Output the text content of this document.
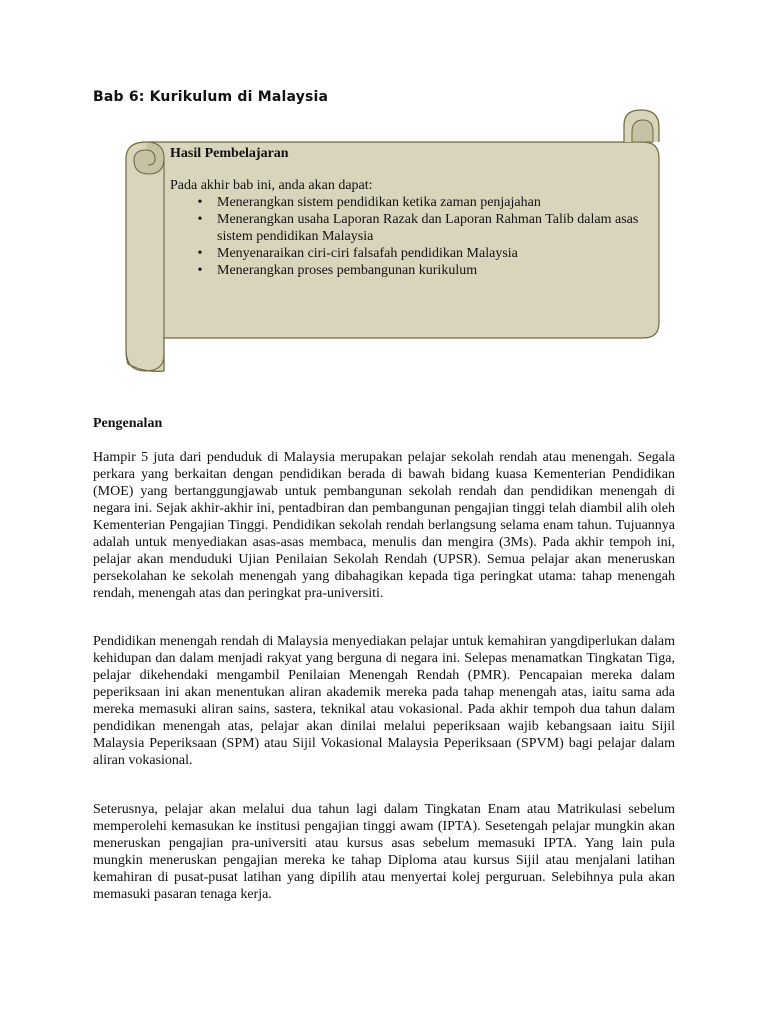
Bab 6: Kurikulum di Malaysia
Hasil Pembelajaran

Pada akhir bab ini, anda akan dapat:

• Menerangkan sistem pendidikan ketika zaman penjajahan
• Menerangkan usaha Laporan Razak dan Laporan Rahman Talib dalam asas sistem pendidikan Malaysia
• Menyenaraikan ciri-ciri falsafah pendidikan Malaysia
• Menerangkan proses pembangunan kurikulum
Pengenalan

Hampir 5 juta dari penduduk di Malaysia merupakan pelajar sekolah rendah atau menengah. Segala perkara yang berkaitan dengan pendidikan berada di bawah bidang kuasa Kementerian Pendidikan (MOE) yang bertanggungjawab untuk pembangunan sekolah rendah dan pendidikan menengah di negara ini. Sejak akhir-akhir ini, pentadbiran dan pembangunan pengajian tinggi telah diambil alih oleh Kementerian Pengajian Tinggi. Pendidikan sekolah rendah berlangsung selama enam tahun. Tujuannya adalah untuk menyediakan asas-asas membaca, menulis dan mengira (3Ms). Pada akhir tempoh ini, pelajar akan menduduki Ujian Penilaian Sekolah Rendah (UPSR). Semua pelajar akan meneruskan persekolahan ke sekolah menengah yang dibahagikan kepada tiga peringkat utama: tahap menengah rendah, menengah atas dan peringkat pra-universiti.

Pendidikan menengah rendah di Malaysia menyediakan pelajar untuk kemahiran yangdiperlukan dalam kehidupan dan dalam menjadi rakyat yang berguna di negara ini. Selepas menamatkan Tingkatan Tiga, pelajar dikehendaki mengambil Penilaian Menengah Rendah (PMR). Pencapaian mereka dalam peperiksaan ini akan menentukan aliran akademik mereka pada tahap menengah atas, iaitu sama ada mereka memasuki aliran sains, sastera, teknikal atau vokasional. Pada akhir tempoh dua tahun dalam pendidikan menengah atas, pelajar akan dinilai melalui peperiksaan wajib kebangsaan iaitu Sijil Malaysia Peperiksaan (SPM) atau Sijil Vokasional Malaysia Peperiksaan (SPVM) bagi pelajar dalam aliran vokasional.

Seterusnya, pelajar akan melalui dua tahun lagi dalam Tingkatan Enam atau Matrikulasi sebelum memperolehi kemasukan ke institusi pengajian tinggi awam (IPTA). Sesetengah pelajar mungkin akan meneruskan pengajian pra-universiti atau kursus asas sebelum memasuki IPTA. Yang lain pula mungkin meneruskan pengajian mereka ke tahap Diploma atau kursus Sijil atau menjalani latihan kemahiran di pusat-pusat latihan yang dipilih atau menyertai kolej perguruan. Selebihnya pula akan memasuki pasaran tenaga kerja.
